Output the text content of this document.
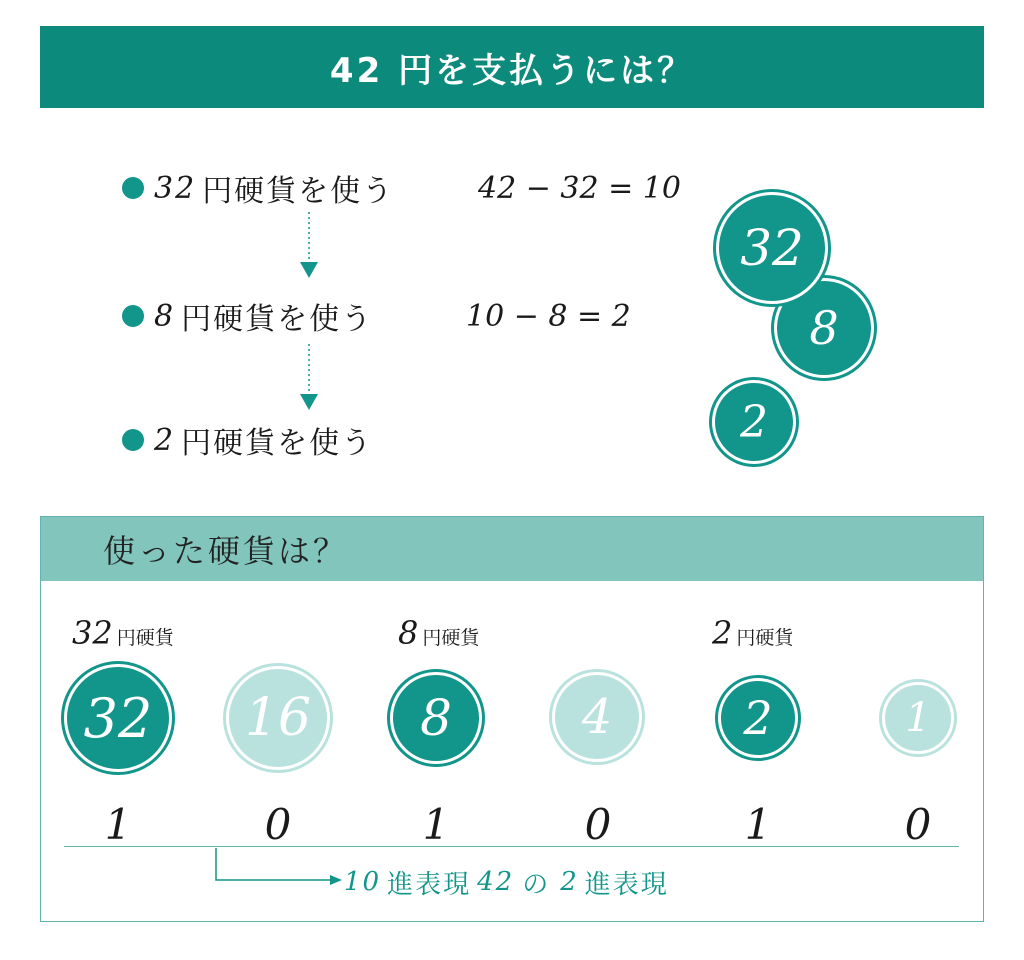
42 円を支払うには？
32 円硬貨を使う	42 − 32 = 10
8 円硬貨を使う	10 − 8 = 2
2 円硬貨を使う
8
32
2
使った硬貨は？
32 円硬貨	8 円硬貨	2 円硬貨
32	16	8	4	2	1
1	0	1	0	1	0
10 進表現 42 の 2 進表現
